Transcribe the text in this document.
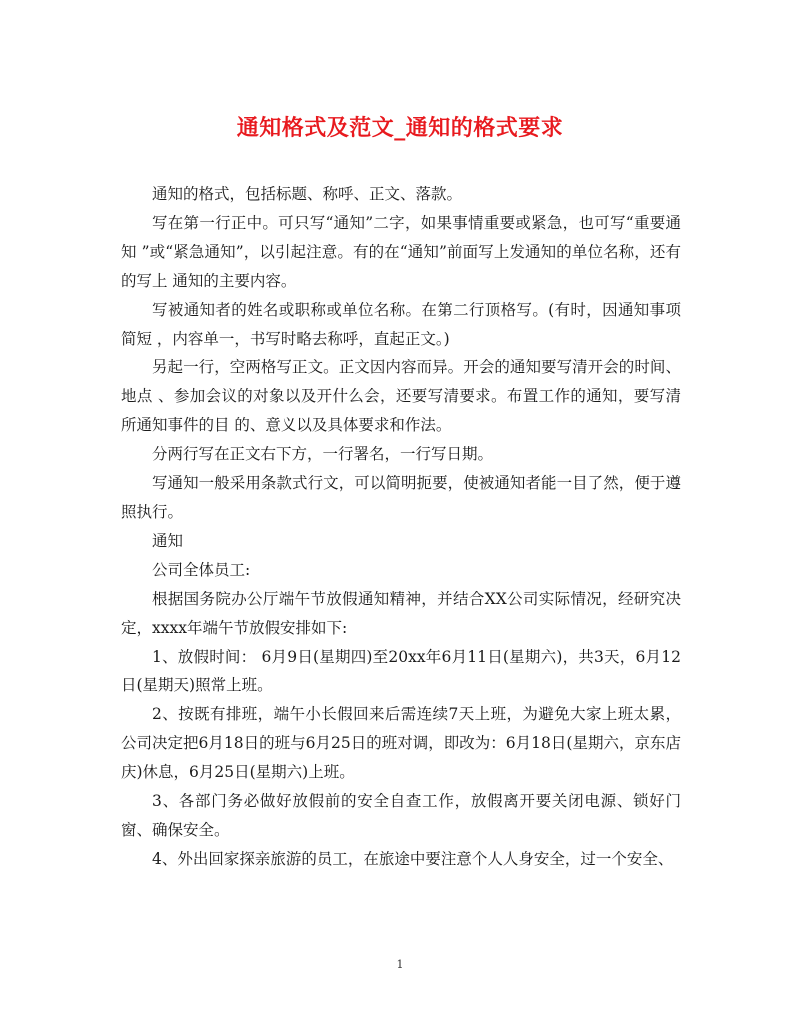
通知格式及范文_通知的格式要求

通知的格式，包括标题、称呼、正文、落款。

写在第一行正中。可只写“通知”二字，如果事情重要或紧急，也可写“重要通知 ”或“紧急通知”，以引起注意。有的在“通知”前面写上发通知的单位名称，还有的写上 通知的主要内容。

写被通知者的姓名或职称或单位名称。在第二行顶格写。(有时，因通知事项简短 ，内容单一，书写时略去称呼，直起正文。)

另起一行，空两格写正文。正文因内容而异。开会的通知要写清开会的时间、地点 、参加会议的对象以及开什么会，还要写清要求。布置工作的通知，要写清所通知事件的目 的、意义以及具体要求和作法。

分两行写在正文右下方，一行署名，一行写日期。

写通知一般采用条款式行文，可以简明扼要，使被通知者能一目了然，便于遵照执行。

通知

公司全体员工:

根据国务院办公厅端午节放假通知精神，并结合XX公司实际情况，经研究决定，xxxx年端午节放假安排如下:

1、放假时间： 6月9日(星期四)至20xx年6月11日(星期六)，共3天，6月12日(星期天)照常上班。

2、按既有排班，端午小长假回来后需连续7天上班，为避免大家上班太累，公司决定把6月18日的班与6月25日的班对调，即改为：6月18日(星期六，京东店庆)休息，6月25日(星期六)上班。

3、各部门务必做好放假前的安全自查工作，放假离开要关闭电源、锁好门窗、确保安全。

4、外出回家探亲旅游的员工，在旅途中要注意个人人身安全，过一个安全、

1
